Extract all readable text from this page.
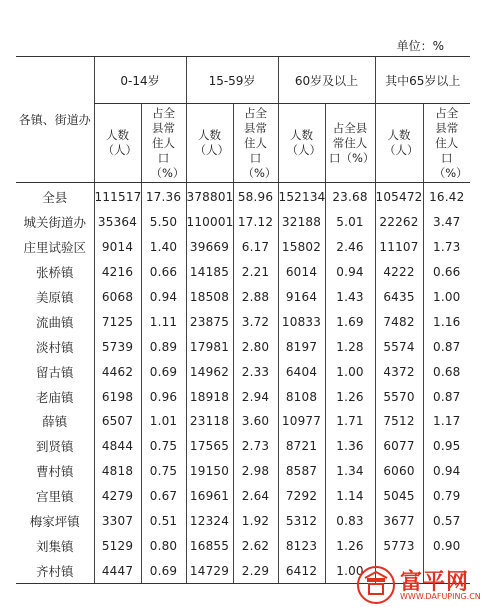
单位：%
各镇、街道办	0-14岁		15-59岁		60岁及以上		其中65岁以上	

	人数（人）	占全县常住人口（%）	人数（人）	占全县常住人口（%）	人数（人）	占全县常住人口（%）	人数（人）	占全县常住人口（%）

全县	111517	17.36	378801	58.96	152134	23.68	105472	16.42
城关街道办	35364	5.50	110001	17.12	32188	5.01	22262	3.47
庄里试验区	9014	1.40	39669	6.17	15802	2.46	11107	1.73
张桥镇	4216	0.66	14185	2.21	6014	0.94	4222	0.66
美原镇	6068	0.94	18508	2.88	9164	1.43	6435	1.00
流曲镇	7125	1.11	23875	3.72	10833	1.69	7482	1.16
淡村镇	5739	0.89	17981	2.80	8197	1.28	5574	0.87
留古镇	4462	0.69	14962	2.33	6404	1.00	4372	0.68
老庙镇	6198	0.96	18918	2.94	8108	1.26	5570	0.87
薛镇	6507	1.01	23118	3.60	10977	1.71	7512	1.17
到贤镇	4844	0.75	17565	2.73	8721	1.36	6077	0.95
曹村镇	4818	0.75	19150	2.98	8587	1.34	6060	0.94
宫里镇	4279	0.67	16961	2.64	7292	1.14	5045	0.79
梅家坪镇	3307	0.51	12324	1.92	5312	0.83	3677	0.57
刘集镇	5129	0.80	16855	2.62	8123	1.26	5773	0.90
齐村镇	4447	0.69	14729	2.29	6412	1.00		富平网
WWW.DAFUPING.CN
